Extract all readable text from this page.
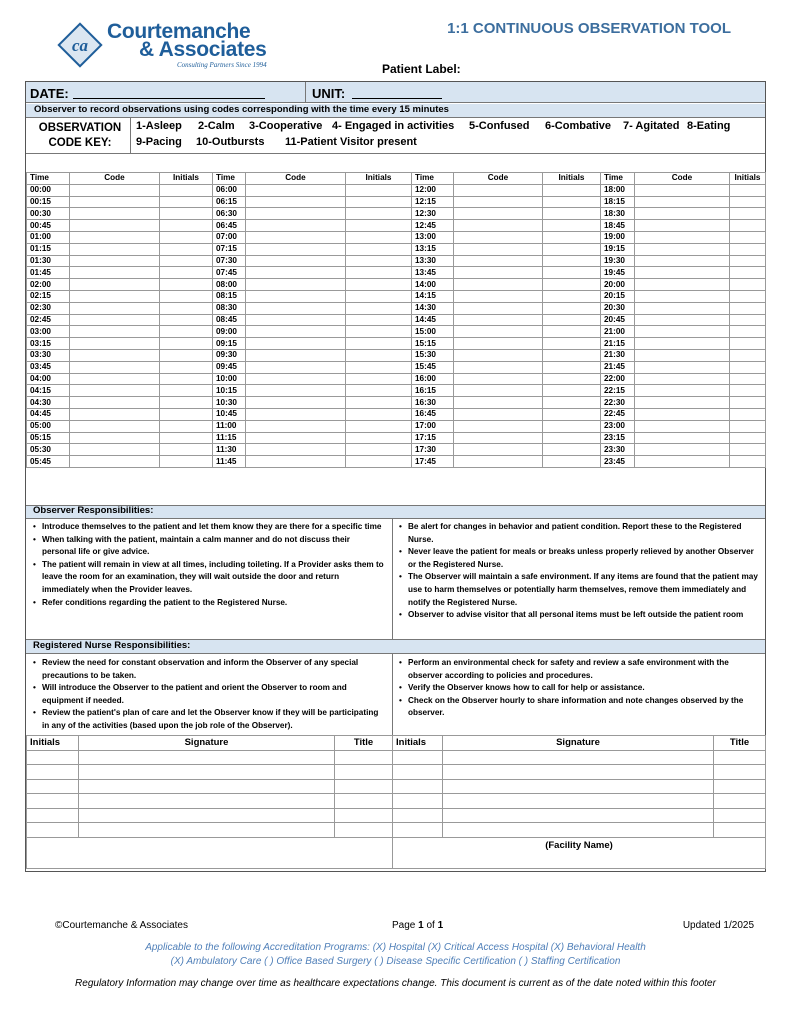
ca
Courtemanche
& Associates
Consulting Partners Since 1994
1:1 CONTINUOUS OBSERVATION TOOL
Patient Label:
DATE:	UNIT:
Observer to record observations using codes corresponding with the time every 15 minutes
OBSERVATION
CODE KEY:
1-Asleep 2-Calm 3-Cooperative 4- Engaged in activities 5-Confused 6-Combative 7- Agitated 8-Eating
9-Pacing 10-Outbursts 11-Patient Visitor present
Time	Code	Initials	Time	Code	Initials	Time	Code	Initials	Time	Code	Initials
00:00			06:00			12:00			18:00		
00:15			06:15			12:15			18:15		
00:30			06:30			12:30			18:30		
00:45			06:45			12:45			18:45		
01:00			07:00			13:00			19:00		
01:15			07:15			13:15			19:15		
01:30			07:30			13:30			19:30		
01:45			07:45			13:45			19:45		
02:00			08:00			14:00			20:00		
02:15			08:15			14:15			20:15		
02:30			08:30			14:30			20:30		
02:45			08:45			14:45			20:45		
03:00			09:00			15:00			21:00		
03:15			09:15			15:15			21:15		
03:30			09:30			15:30			21:30		
03:45			09:45			15:45			21:45		
04:00			10:00			16:00			22:00		
04:15			10:15			16:15			22:15		
04:30			10:30			16:30			22:30		
04:45			10:45			16:45			22:45		
05:00			11:00			17:00			23:00		
05:15			11:15			17:15			23:15		
05:30			11:30			17:30			23:30		
05:45			11:45			17:45			23:45		
Observer Responsibilities:
• Introduce themselves to the patient and let them know they are there for a specific time
• When talking with the patient, maintain a calm manner and do not discuss their personal life or give advice.
• The patient will remain in view at all times, including toileting. If a Provider asks them to leave the room for an examination, they will wait outside the door and return immediately when the Provider leaves.
• Refer conditions regarding the patient to the Registered Nurse.
• Be alert for changes in behavior and patient condition. Report these to the Registered Nurse.
• Never leave the patient for meals or breaks unless properly relieved by another Observer or the Registered Nurse.
• The Observer will maintain a safe environment. If any items are found that the patient may use to harm themselves or potentially harm themselves, remove them immediately and notify the Registered Nurse.
• Observer to advise visitor that all personal items must be left outside the patient room
Registered Nurse Responsibilities:
• Review the need for constant observation and inform the Observer of any special precautions to be taken.
• Will introduce the Observer to the patient and orient the Observer to room and equipment if needed.
• Review the patient's plan of care and let the Observer know if they will be participating in any of the activities (based upon the job role of the Observer).
• Perform an environmental check for safety and review a safe environment with the observer according to policies and procedures.
• Verify the Observer knows how to call for help or assistance.
• Check on the Observer hourly to share information and note changes observed by the observer.
Initials	Signature	Title	Initials	Signature	Title

			(Facility Name)		
©Courtemanche & Associates	Page 1 of 1	Updated 1/2025
Applicable to the following Accreditation Programs: (X) Hospital (X) Critical Access Hospital (X) Behavioral Health
(X) Ambulatory Care ( ) Office Based Surgery ( ) Disease Specific Certification ( ) Staffing Certification
Regulatory Information may change over time as healthcare expectations change. This document is current as of the date noted within this footer
